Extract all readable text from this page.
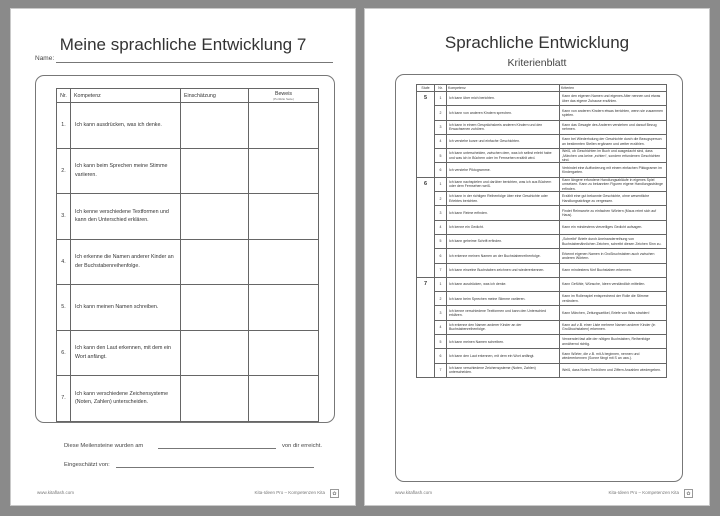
Meine sprachliche Entwicklung 7
Name:
Nr.	Kompetenz	Einschätzung	Beweis
(Portfolio Seite)

1.	Ich kann ausdrücken, was ich denke.		
2.	Ich kann beim Sprechen meine Stimme variieren.		
3.	Ich kenne verschiedene Textformen und kann den Unterschied erklären.		
4.	Ich erkenne die Namen anderer Kinder an der Buchstabenreihenfolge.		
5.	Ich kann meinen Namen schreiben.		
6.	Ich kann den Laut erkennen, mit dem ein Wort anfängt.		
7.	Ich kann verschiedene Zeichensysteme (Noten, Zahlen) unterscheiden.		
Diese Meilensteine wurden am	von dir erreicht.
Eingeschätzt von:
www.kitaflash.com	Kita-Ideen Pro – Kompetenzen Kita	✿
Sprachliche Entwicklung
Kriterienblatt
Stufe	Nr.	Kompetenz	Kriterien
5	1	Ich kann über mich berichten.	Kann den eigenen Namen und eigenes Alter nennen und etwas über das eigene Zuhause erzählen.
	2	Ich kann von anderen Kindern sprechen.	Kann von anderen Kindern etwas berichten, wenn sie zusammen spielen.
	3	Ich kann in einem Gesprächskreis anderen Kindern und den Erwachsenen zuhören.	Kann das Gesagte des Anderen verstehen und darauf Bezug nehmen.
	4	Ich verstehe kurze und einfache Geschichten.	Kann bei Wiederholung der Geschichte durch die Bezugsperson an bestimmten Stellen ergänzen und weiter erzählen.
	5	Ich kann unterscheiden, zwischen dem, was ich selbst erlebt habe und was ich in Büchern oder im Fernsehen erzählt wird.	Weiß, ob Geschichten im Buch und ausgedacht sind, dass „Märchen uns keine „echten“, sondern erfundenen Geschichten sind.
	6	Ich verstehe Piktogramme.	Verbindet eine Aufforderung mit einem einfachen Piktogramm im Kindergarten.
6	1	Ich kann nachspielen und darüber berichten, was ich aus Büchern oder dem Fernsehen weiß.	Kann längere erfundene Handlungsabläufe in eigenes Spiel umsetzen. Kann zu bekannten Figuren eigene Handlungsstränge erfinden.
	2	Ich kann in der richtigen Reihenfolge über eine Geschichte oder Erlebtes berichten.	Erzählt eine gut bekannte Geschichte, ohne wesentliche Handlungsstränge zu vergessen.
	3	Ich kann Reime erfinden.	Findet Reimworte zu einfachen Wörtern (Maus reimt sich auf Haus).
	4	Ich kenne ein Gedicht.	Kann ein mindestens vierzeiliges Gedicht aufsagen.
	5	Ich kann geheime Schrift erfinden.	„Schreibt“ Briefe durch Aneinanderreihung von Buchstabenähnlichen Zeichen, schreibt diesen Zeichen Sinn zu.
	6	Ich erkenne meinen Namen an der Buchstabenreihenfolge.	Erkennt eigenen Namen in Großbuchstaben auch zwischen anderen Wörtern.
	7	Ich kann einzelne Buchstaben zeichnen und wiedererkennen.	Kann mindestens fünf Buchstaben erkennen.
7	1	Ich kann ausdrücken, was ich denke.	Kann Gefühle, Wünsche, Ideen verständlich mitteilen.
	2	Ich kann beim Sprechen meine Stimme variieren.	Kann im Rollenspiel entsprechend der Rolle die Stimme verändern.
	3	Ich kenne verschiedene Textformen und kann den Unterschied erklären.	Kann Märchen, Zeitungsartikel, Briefe von Was strahlen!
	4	Ich erkenne den Namen anderer Kinder an der Buchstabenreihenfolge.	Kann auf z.B. einer Liste mehrere Namen anderer Kinder (in Großbuchstaben) erkennen.
	5	Ich kann meinen Namen schreiben.	Verwendet fast alle der nötigen Buchstaben, Reihenfolge annähernd richtig.
	6	Ich kann den Laut erkennen, mit dem ein Wort anfängt.	Kann Wörter, die z.B. mit A beginnen, nennen und wiedererkennen (Sonne fängt mit S an usw.).
	7	Ich kann verschiedene Zeichensysteme (Noten, Zahlen) unterscheiden.	Weiß, dass Noten Tonhöhen und Ziffern Anzahlen wiedergeben.
www.kitaflash.com	Kita-Ideen Pro – Kompetenzen Kita	✿
